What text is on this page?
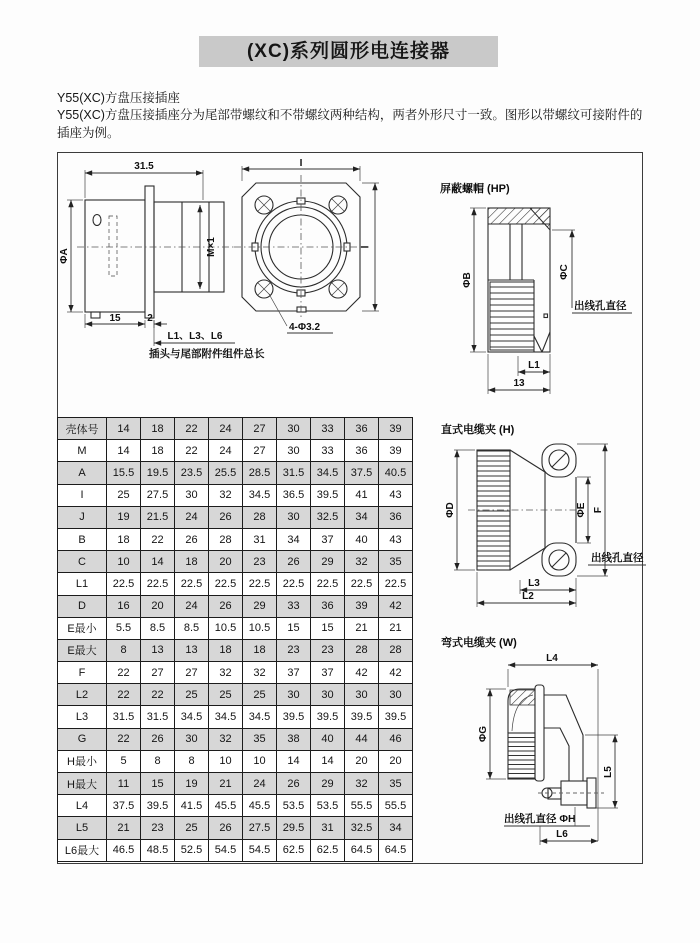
(XC)系列圆形电连接器
Y55(XC)方盘压接插座
Y55(XC)方盘压接插座分为尾部带螺纹和不带螺纹两种结构，两者外形尺寸一致。图形以带螺纹可接附件的插座为例。
31.5
ΦA	M×1
15	2
L1、L3、L6
插头与尾部附件组件总长
I
I
4-Φ3.2
屏蔽螺帽 (HP)
ΦB
ΦC
出线孔直径
L1
13
直式电缆夹 (H)
ΦD	ΦE F
出线孔直径
L3
L2
弯式电缆夹 (W)
L4
ΦG
L5
出线孔直径 ΦH
L6
壳体号	14	18	22	24	27	30	33	36	39
M	14	18	22	24	27	30	33	36	39
A	15.5	19.5	23.5	25.5	28.5	31.5	34.5	37.5	40.5
I	25	27.5	30	32	34.5	36.5	39.5	41	43
J	19	21.5	24	26	28	30	32.5	34	36
B	18	22	26	28	31	34	37	40	43
C	10	14	18	20	23	26	29	32	35
L1	22.5	22.5	22.5	22.5	22.5	22.5	22.5	22.5	22.5
D	16	20	24	26	29	33	36	39	42
E最小	5.5	8.5	8.5	10.5	10.5	15	15	21	21
E最大	8	13	13	18	18	23	23	28	28
F	22	27	27	32	32	37	37	42	42
L2	22	22	25	25	25	30	30	30	30
L3	31.5	31.5	34.5	34.5	34.5	39.5	39.5	39.5	39.5
G	22	26	30	32	35	38	40	44	46
H最小	5	8	8	10	10	14	14	20	20
H最大	11	15	19	21	24	26	29	32	35
L4	37.5	39.5	41.5	45.5	45.5	53.5	53.5	55.5	55.5
L5	21	23	25	26	27.5	29.5	31	32.5	34
L6最大	46.5	48.5	52.5	54.5	54.5	62.5	62.5	64.5	64.5
